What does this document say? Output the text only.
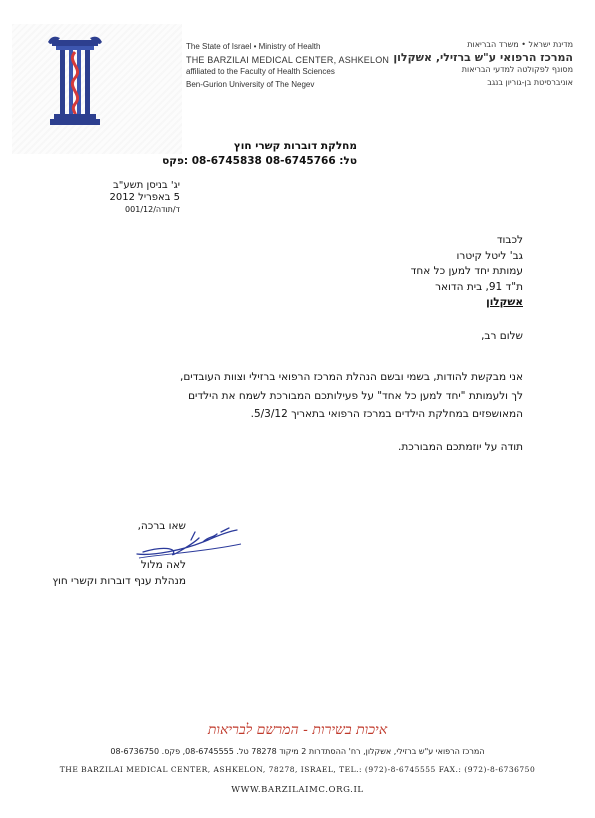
The State of Israel • Ministry of Health
THE BARZILAI MEDICAL CENTER, ASHKELON
affiliated to the Faculty of Health Sciences
Ben-Gurion University of The Negev
מדינת ישראל • משרד הבריאות
המרכז הרפואי ע"ש ברזילי, אשקלון
מסונף לפקולטה למדעי הבריאות
אוניברסיטת בן-גוריון בנגב
מחלקת דוברות קשרי חוץ
טל: 08-6745766 08-6745838 :פקס
יג' בניסן תשע"ב
5 באפריל 2012
ד/תודה/001/12
לכבוד
גב' ליטל קיטרו
עמותת יחד למען כל אחד
ת"ד 91, בית הדואר
אשקלון
שלום רב,
אני מבקשת להודות, בשמי ובשם הנהלת המרכז הרפואי ברזילי וצוות העובדים,
לך ולעמותת "יחד למען כל אחד" על פעילותכם המבורכת לשמח את הילדים
המאושפזים במחלקת הילדים במרכז הרפואי בתאריך 5/3/12.
תודה על יוזמתכם המבורכת.
שאו ברכה,
לאה מלול
מנהלת ענף דוברות וקשרי חוץ
איכות בשירות - המרשם לבריאות
המרכז הרפואי ע"ש ברזילי, אשקלון, רח' ההסתדרות 2 מיקוד 78278 טל. 08-6745555, פקס. 08-6736750
THE BARZILAI MEDICAL CENTER, ASHKELON, 78278, ISRAEL, TEL.: (972)-8-6745555 FAX.: (972)-8-6736750
WWW.BARZILAIMC.ORG.IL
